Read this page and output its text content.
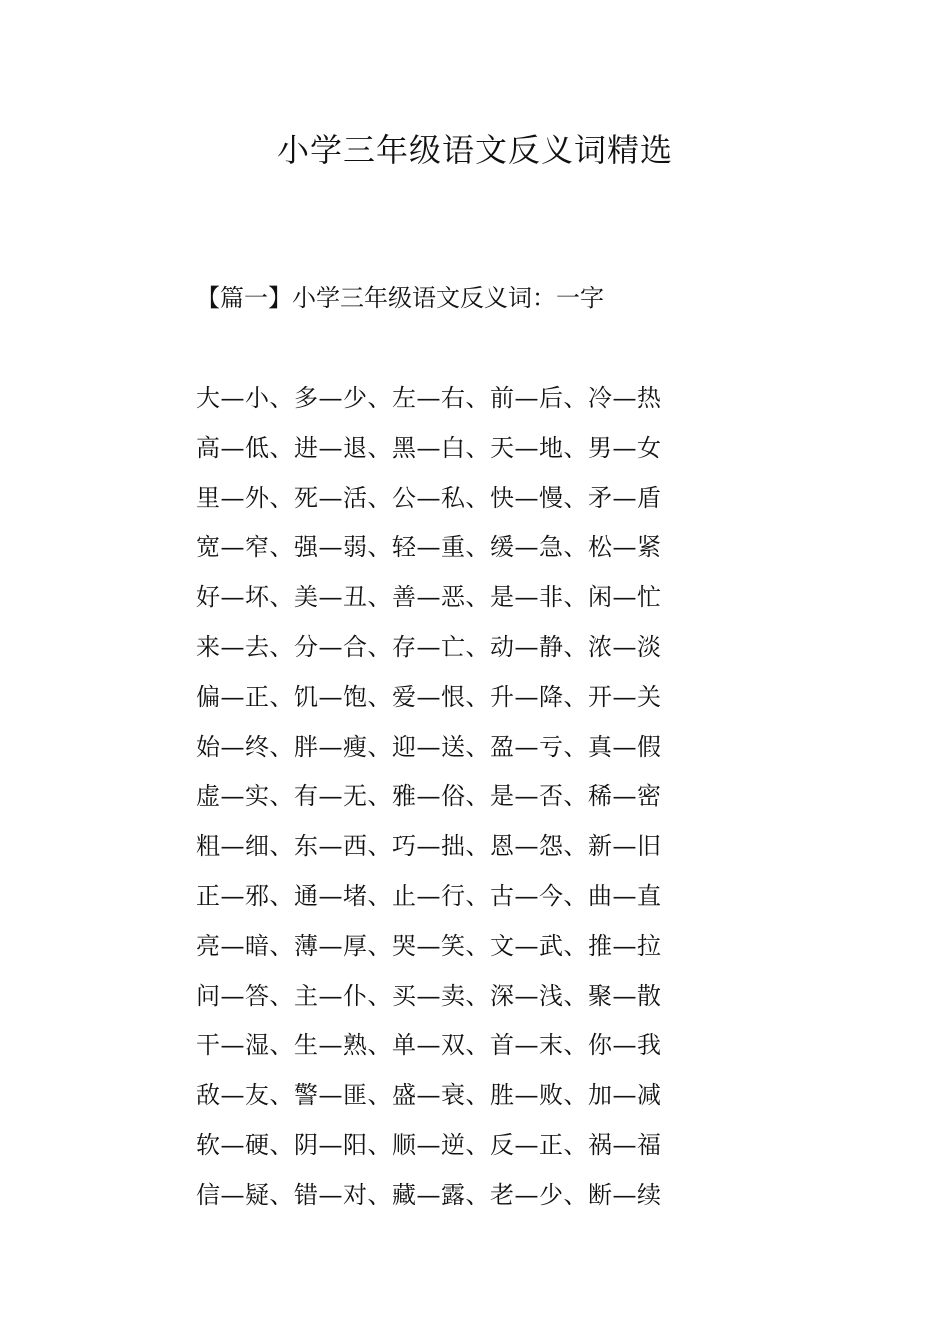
小学三年级语文反义词精选
【篇一】小学三年级语文反义词：一字
大—小、多—少、左—右、前—后、冷—热
高—低、进—退、黑—白、天—地、男—女
里—外、死—活、公—私、快—慢、矛—盾
宽—窄、强—弱、轻—重、缓—急、松—紧
好—坏、美—丑、善—恶、是—非、闲—忙
来—去、分—合、存—亡、动—静、浓—淡
偏—正、饥—饱、爱—恨、升—降、开—关
始—终、胖—瘦、迎—送、盈—亏、真—假
虚—实、有—无、雅—俗、是—否、稀—密
粗—细、东—西、巧—拙、恩—怨、新—旧
正—邪、通—堵、止—行、古—今、曲—直
亮—暗、薄—厚、哭—笑、文—武、推—拉
问—答、主—仆、买—卖、深—浅、聚—散
干—湿、生—熟、单—双、首—末、你—我
敌—友、警—匪、盛—衰、胜—败、加—减
软—硬、阴—阳、顺—逆、反—正、祸—福
信—疑、错—对、藏—露、老—少、断—续
